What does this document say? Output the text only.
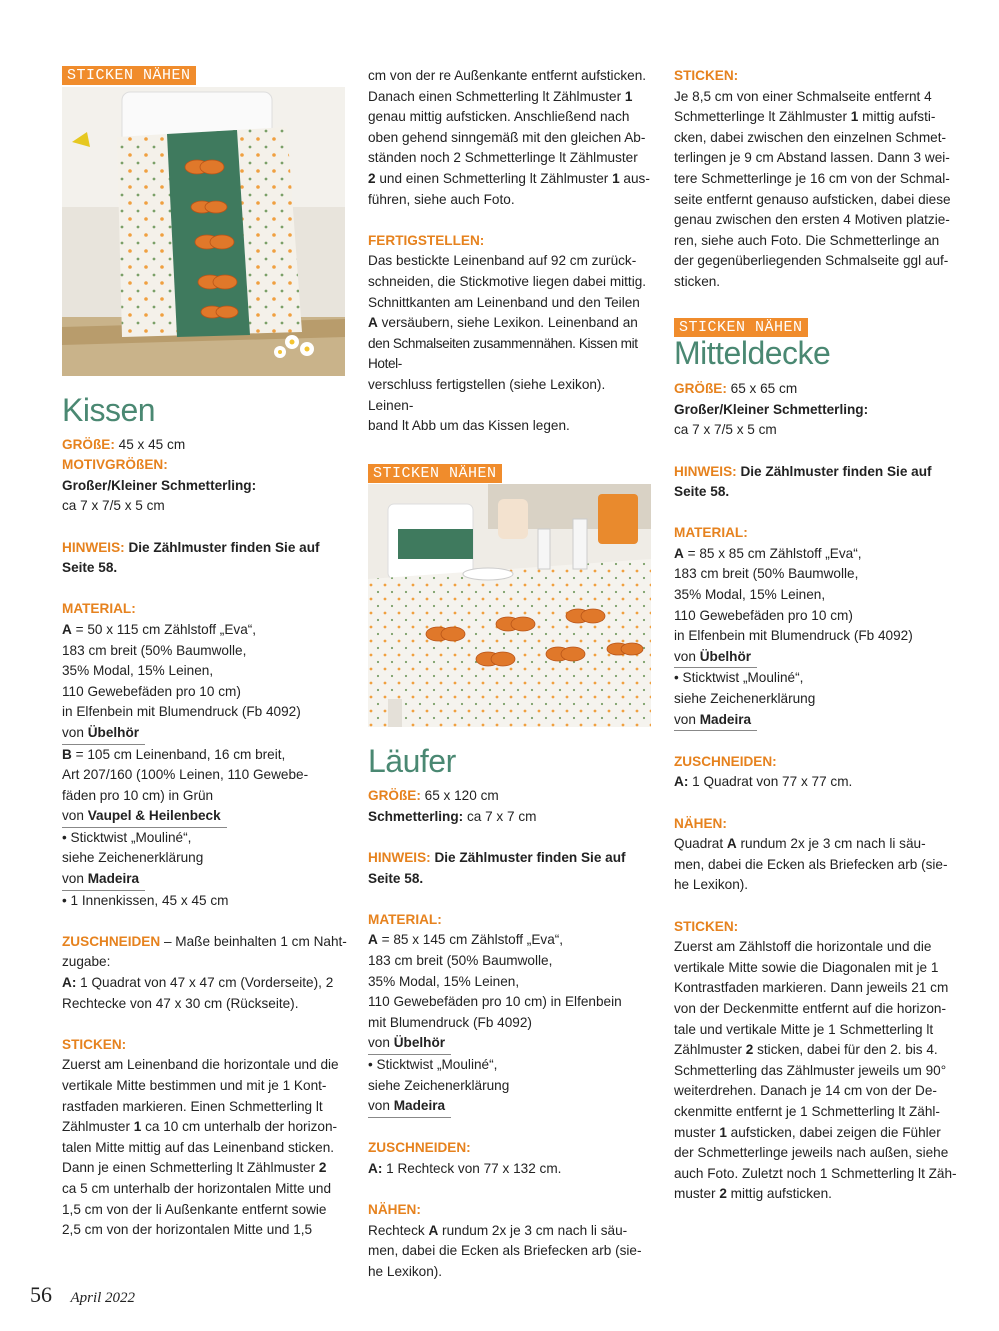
STICKEN NÄHEN
Kissen

GRÖßE: 45 x 45 cm

MOTIVGRÖßEN:

Großer/Kleiner Schmetterling:

ca 7 x 7/5 x 5 cm

HINWEIS: Die Zählmuster finden Sie auf

Seite 58.

MATERIAL:

A = 50 x 115 cm Zählstoff „Eva“,

183 cm breit (50% Baumwolle,

35% Modal, 15% Leinen,

110 Gewebefäden pro 10 cm)

in Elfenbein mit Blumendruck (Fb 4092)

von Übelhör

B = 105 cm Leinenband, 16 cm breit,

Art 207/160 (100% Leinen, 110 Gewebe-

fäden pro 10 cm) in Grün

von Vaupel & Heilenbeck

• Sticktwist „Mouliné“,

siehe Zeichenerklärung

von Madeira

• 1 Innenkissen, 45 x 45 cm

ZUSCHNEIDEN – Maße beinhalten 1 cm Naht-

zugabe:

A: 1 Quadrat von 47 x 47 cm (Vorderseite), 2

Rechtecke von 47 x 30 cm (Rückseite).

STICKEN:

Zuerst am Leinenband die horizontale und die

vertikale Mitte bestimmen und mit je 1 Kont-

rastfaden markieren. Einen Schmetterling lt

Zählmuster 1 ca 10 cm unterhalb der horizon-

talen Mitte mittig auf das Leinenband sticken.

Dann je einen Schmetterling lt Zählmuster 2

ca 5 cm unterhalb der horizontalen Mitte und

1,5 cm von der li Außenkante entfernt sowie

2,5 cm von der horizontalen Mitte und 1,5

cm von der re Außenkante entfernt aufsticken.

Danach einen Schmetterling lt Zählmuster 1

genau mittig aufsticken. Anschließend nach

oben gehend sinngemäß mit den gleichen Ab-

ständen noch 2 Schmetterlinge lt Zählmuster

2 und einen Schmetterling lt Zählmuster 1 aus-

führen, siehe auch Foto.

FERTIGSTELLEN:

Das bestickte Leinenband auf 92 cm zurück-

schneiden, die Stickmotive liegen dabei mittig.

Schnittkanten am Leinenband und den Teilen

A versäubern, siehe Lexikon. Leinenband an

den Schmalseiten zusammennähen. Kissen mit Hotel-

verschluss fertigstellen (siehe Lexikon). Leinen-

band lt Abb um das Kissen legen.

STICKEN NÄHEN
Läufer

GRÖßE: 65 x 120 cm

Schmetterling: ca 7 x 7 cm

HINWEIS: Die Zählmuster finden Sie auf

Seite 58.

MATERIAL:

A = 85 x 145 cm Zählstoff „Eva“,

183 cm breit (50% Baumwolle,

35% Modal, 15% Leinen,

110 Gewebefäden pro 10 cm) in Elfenbein

mit Blumendruck (Fb 4092)

von Übelhör

• Sticktwist „Mouliné“,

siehe Zeichenerklärung

von Madeira

ZUSCHNEIDEN:

A: 1 Rechteck von 77 x 132 cm.

NÄHEN:

Rechteck A rundum 2x je 3 cm nach li säu-

men, dabei die Ecken als Briefecken arb (sie-

he Lexikon).

STICKEN:

Je 8,5 cm von einer Schmalseite entfernt 4

Schmetterlinge lt Zählmuster 1 mittig aufsti-

cken, dabei zwischen den einzelnen Schmet-

terlingen je 9 cm Abstand lassen. Dann 3 wei-

tere Schmetterlinge je 16 cm von der Schmal-

seite entfernt genauso aufsticken, dabei diese

genau zwischen den ersten 4 Motiven platzie-

ren, siehe auch Foto. Die Schmetterlinge an

der gegenüberliegenden Schmalseite ggl auf-

sticken.

STICKEN NÄHEN
Mitteldecke

GRÖßE: 65 x 65 cm

Großer/Kleiner Schmetterling:

ca 7 x 7/5 x 5 cm

HINWEIS: Die Zählmuster finden Sie auf

Seite 58.

MATERIAL:

A = 85 x 85 cm Zählstoff „Eva“,

183 cm breit (50% Baumwolle,

35% Modal, 15% Leinen,

110 Gewebefäden pro 10 cm)

in Elfenbein mit Blumendruck (Fb 4092)

von Übelhör

• Sticktwist „Mouliné“,

siehe Zeichenerklärung

von Madeira

ZUSCHNEIDEN:

A: 1 Quadrat von 77 x 77 cm.

NÄHEN:

Quadrat A rundum 2x je 3 cm nach li säu-

men, dabei die Ecken als Briefecken arb (sie-

he Lexikon).

STICKEN:

Zuerst am Zählstoff die horizontale und die

vertikale Mitte sowie die Diagonalen mit je 1

Kontrastfaden markieren. Dann jeweils 21 cm

von der Deckenmitte entfernt auf die horizon-

tale und vertikale Mitte je 1 Schmetterling lt

Zählmuster 2 sticken, dabei für den 2. bis 4.

Schmetterling das Zählmuster jeweils um 90°

weiterdrehen. Danach je 14 cm von der De-

ckenmitte entfernt je 1 Schmetterling lt Zähl-

muster 1 aufsticken, dabei zeigen die Fühler

der Schmetterlinge jeweils nach außen, siehe

auch Foto. Zuletzt noch 1 Schmetterling lt Zäh-

muster 2 mittig aufsticken.

56 April 2022
